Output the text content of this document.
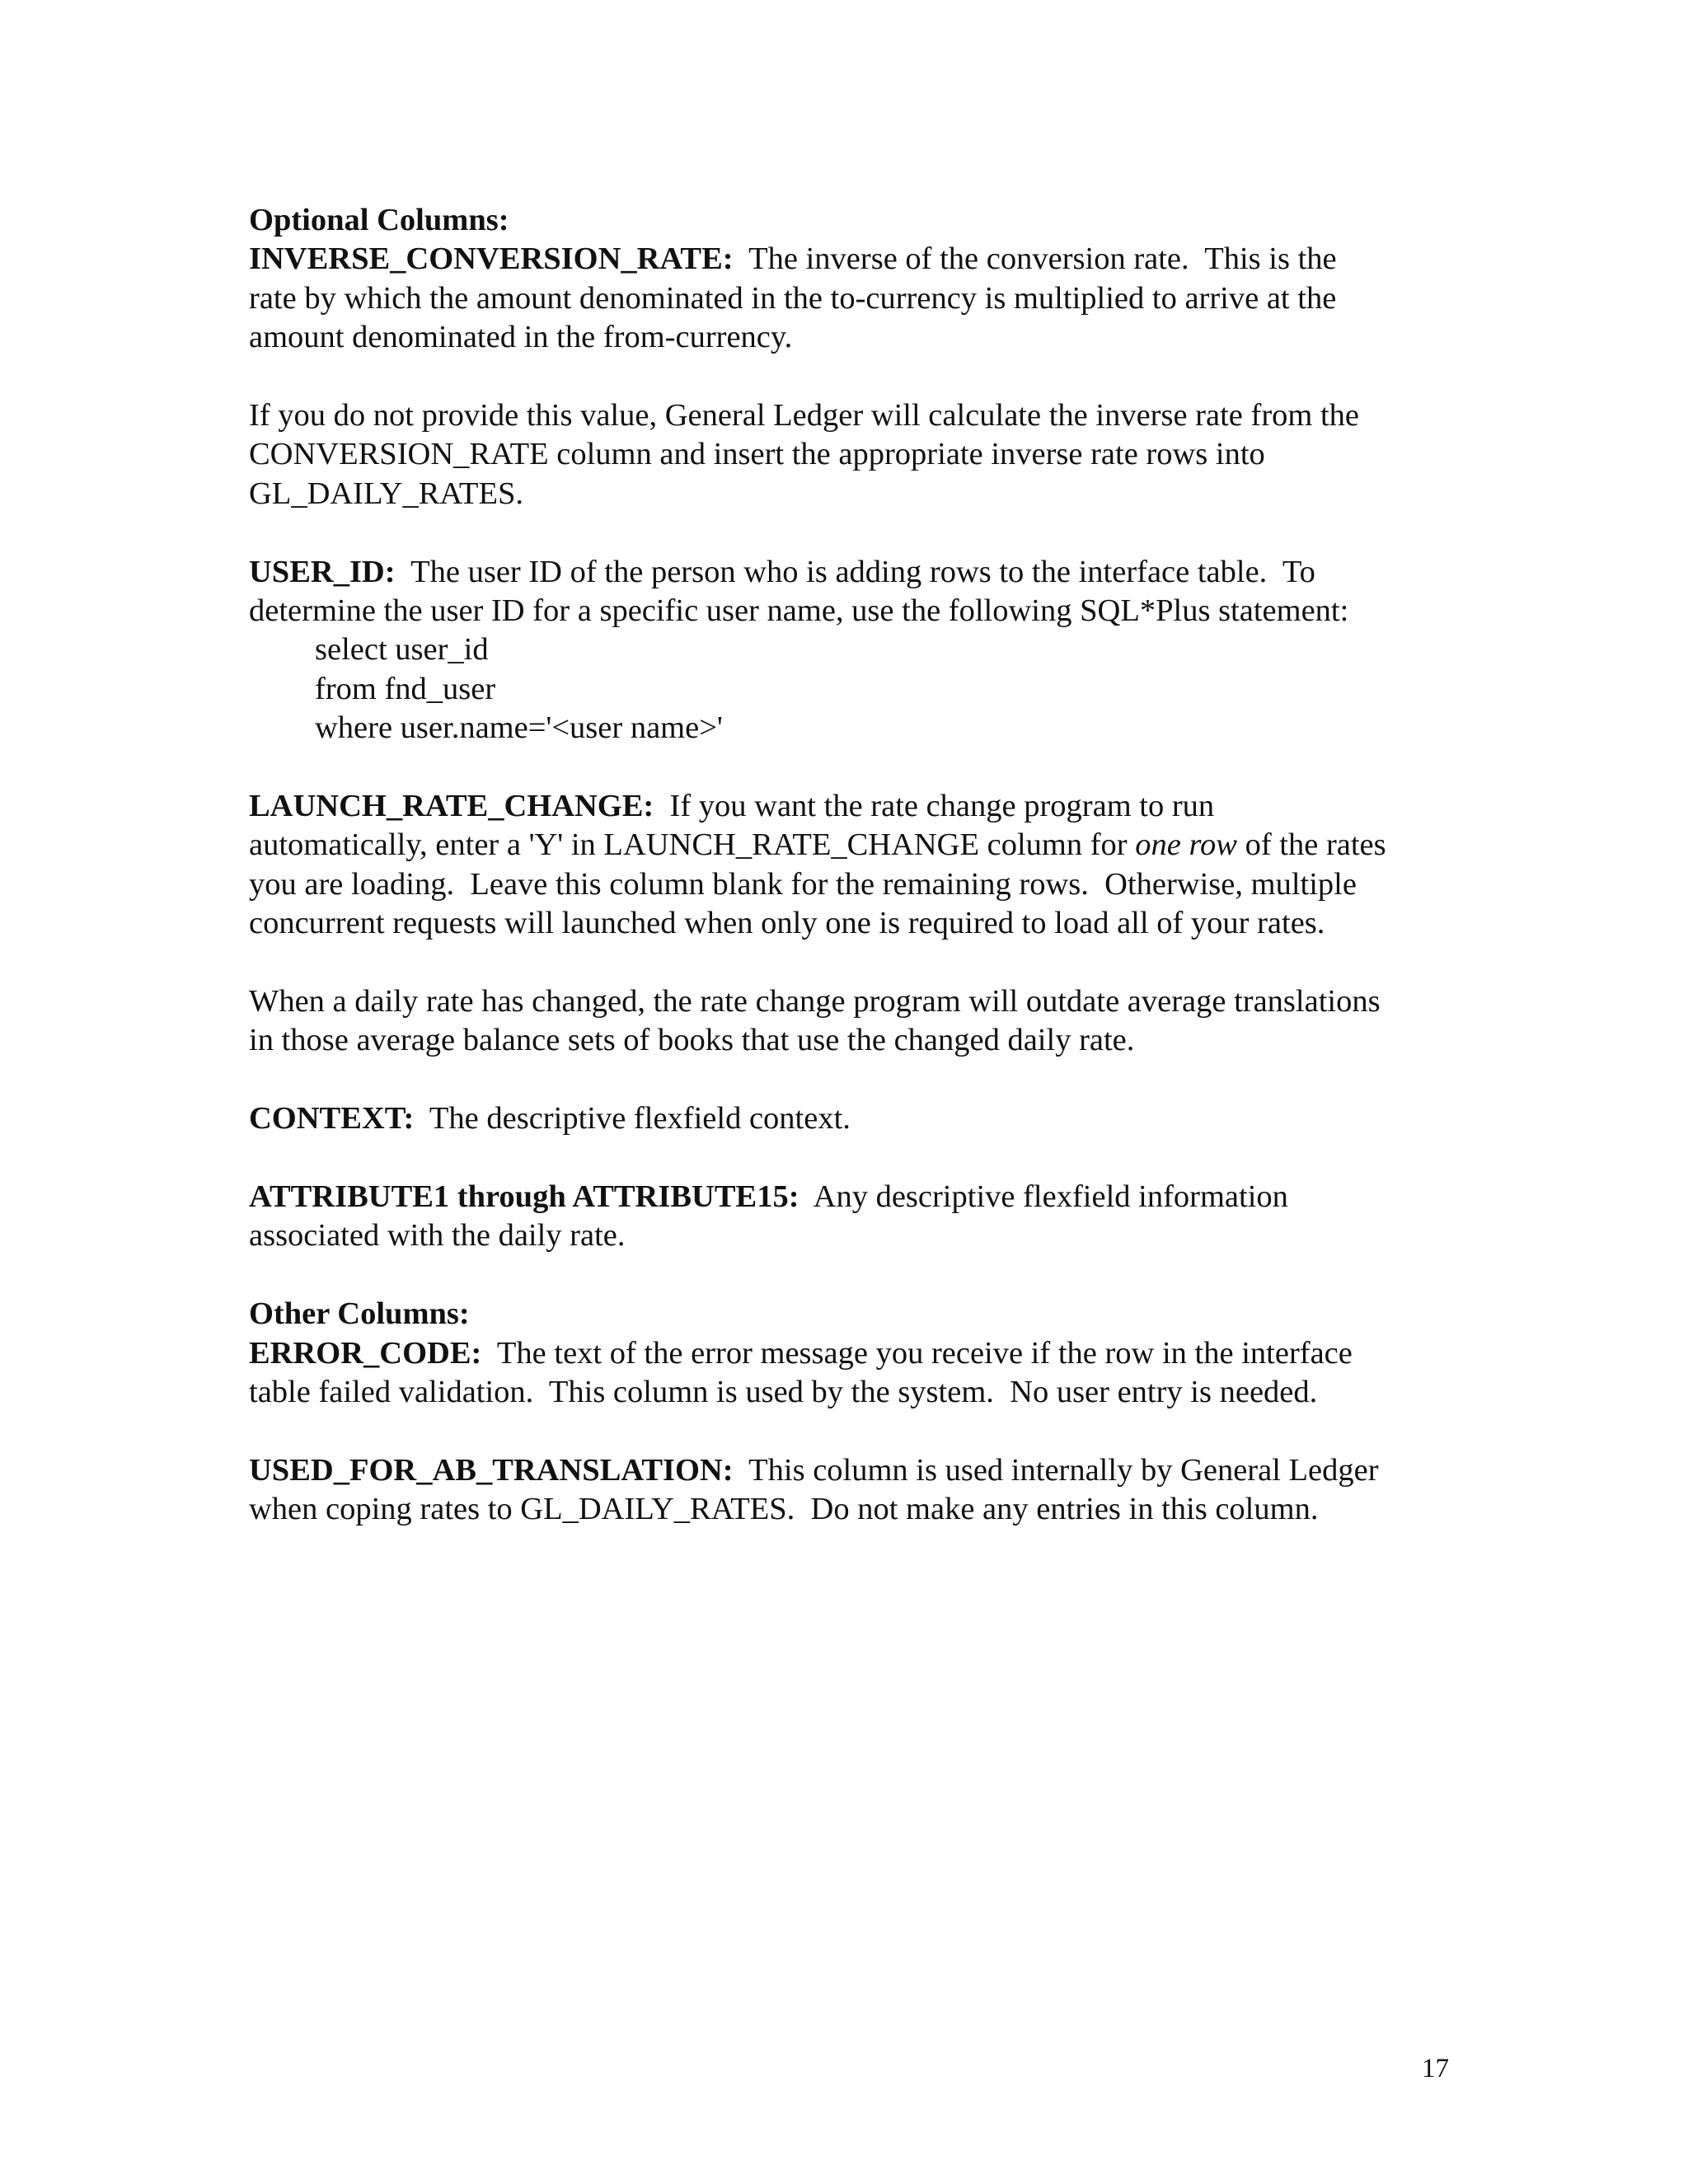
Optional Columns:
INVERSE_CONVERSION_RATE:  The inverse of the conversion rate.  This is the
rate by which the amount denominated in the to-currency is multiplied to arrive at the
amount denominated in the from-currency.
If you do not provide this value, General Ledger will calculate the inverse rate from the
CONVERSION_RATE column and insert the appropriate inverse rate rows into
GL_DAILY_RATES.
USER_ID:  The user ID of the person who is adding rows to the interface table.  To
determine the user ID for a specific user name, use the following SQL*Plus statement:
select user_id
from fnd_user
where user.name='<user name>'
LAUNCH_RATE_CHANGE:  If you want the rate change program to run
automatically, enter a 'Y' in LAUNCH_RATE_CHANGE column for one row of the rates
you are loading.  Leave this column blank for the remaining rows.  Otherwise, multiple
concurrent requests will launched when only one is required to load all of your rates.
When a daily rate has changed, the rate change program will outdate average translations
in those average balance sets of books that use the changed daily rate.
CONTEXT:  The descriptive flexfield context.
ATTRIBUTE1 through ATTRIBUTE15:  Any descriptive flexfield information
associated with the daily rate.
Other Columns:
ERROR_CODE:  The text of the error message you receive if the row in the interface
table failed validation.  This column is used by the system.  No user entry is needed.
USED_FOR_AB_TRANSLATION:  This column is used internally by General Ledger
when coping rates to GL_DAILY_RATES.  Do not make any entries in this column.
17
